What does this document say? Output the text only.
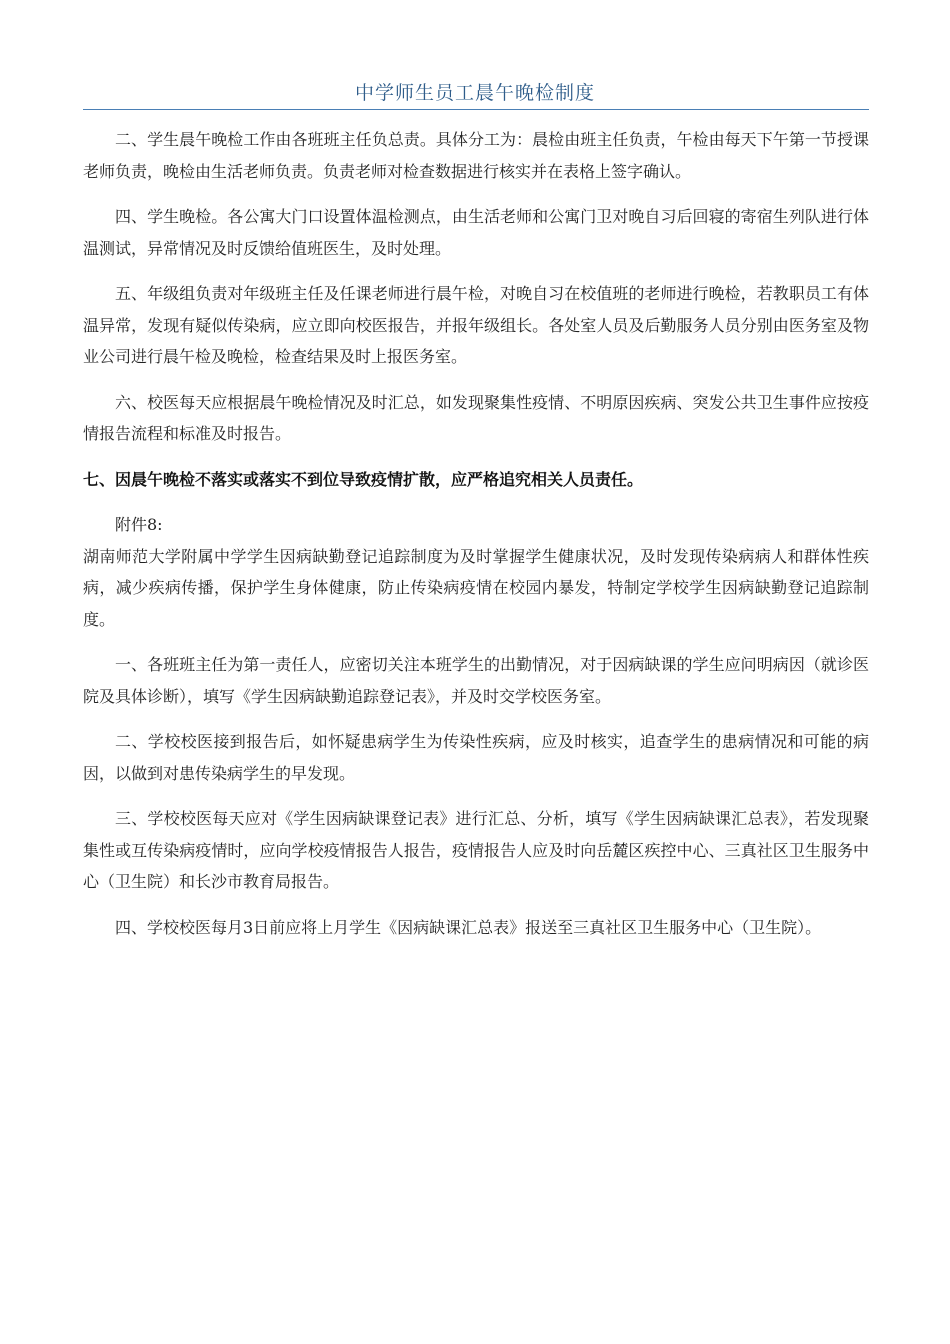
中学师生员工晨午晚检制度

二、学生晨午晚检工作由各班班主任负总责。具体分工为：晨检由班主任负责，午检由每天下午第一节授课老师负责，晚检由生活老师负责。负责老师对检查数据进行核实并在表格上签字确认。

四、学生晚检。各公寓大门口设置体温检测点，由生活老师和公寓门卫对晚自习后回寝的寄宿生列队进行体温测试，异常情况及时反馈给值班医生，及时处理。

五、年级组负责对年级班主任及任课老师进行晨午检，对晚自习在校值班的老师进行晚检，若教职员工有体温异常，发现有疑似传染病，应立即向校医报告，并报年级组长。各处室人员及后勤服务人员分别由医务室及物业公司进行晨午检及晚检，检查结果及时上报医务室。

六、校医每天应根据晨午晚检情况及时汇总，如发现聚集性疫情、不明原因疾病、突发公共卫生事件应按疫情报告流程和标准及时报告。

七、因晨午晚检不落实或落实不到位导致疫情扩散，应严格追究相关人员责任。

附件8:

湖南师范大学附属中学学生因病缺勤登记追踪制度为及时掌握学生健康状况，及时发现传染病病人和群体性疾病，减少疾病传播，保护学生身体健康，防止传染病疫情在校园内暴发，特制定学校学生因病缺勤登记追踪制度。

一、各班班主任为第一责任人，应密切关注本班学生的出勤情况，对于因病缺课的学生应问明病因（就诊医院及具体诊断），填写《学生因病缺勤追踪登记表》，并及时交学校医务室。

二、学校校医接到报告后，如怀疑患病学生为传染性疾病，应及时核实，追查学生的患病情况和可能的病因，以做到对患传染病学生的早发现。

三、学校校医每天应对《学生因病缺课登记表》进行汇总、分析，填写《学生因病缺课汇总表》，若发现聚集性或互传染病疫情时，应向学校疫情报告人报告，疫情报告人应及时向岳麓区疾控中心、三真社区卫生服务中心（卫生院）和长沙市教育局报告。

四、学校校医每月3日前应将上月学生《因病缺课汇总表》报送至三真社区卫生服务中心（卫生院）。
